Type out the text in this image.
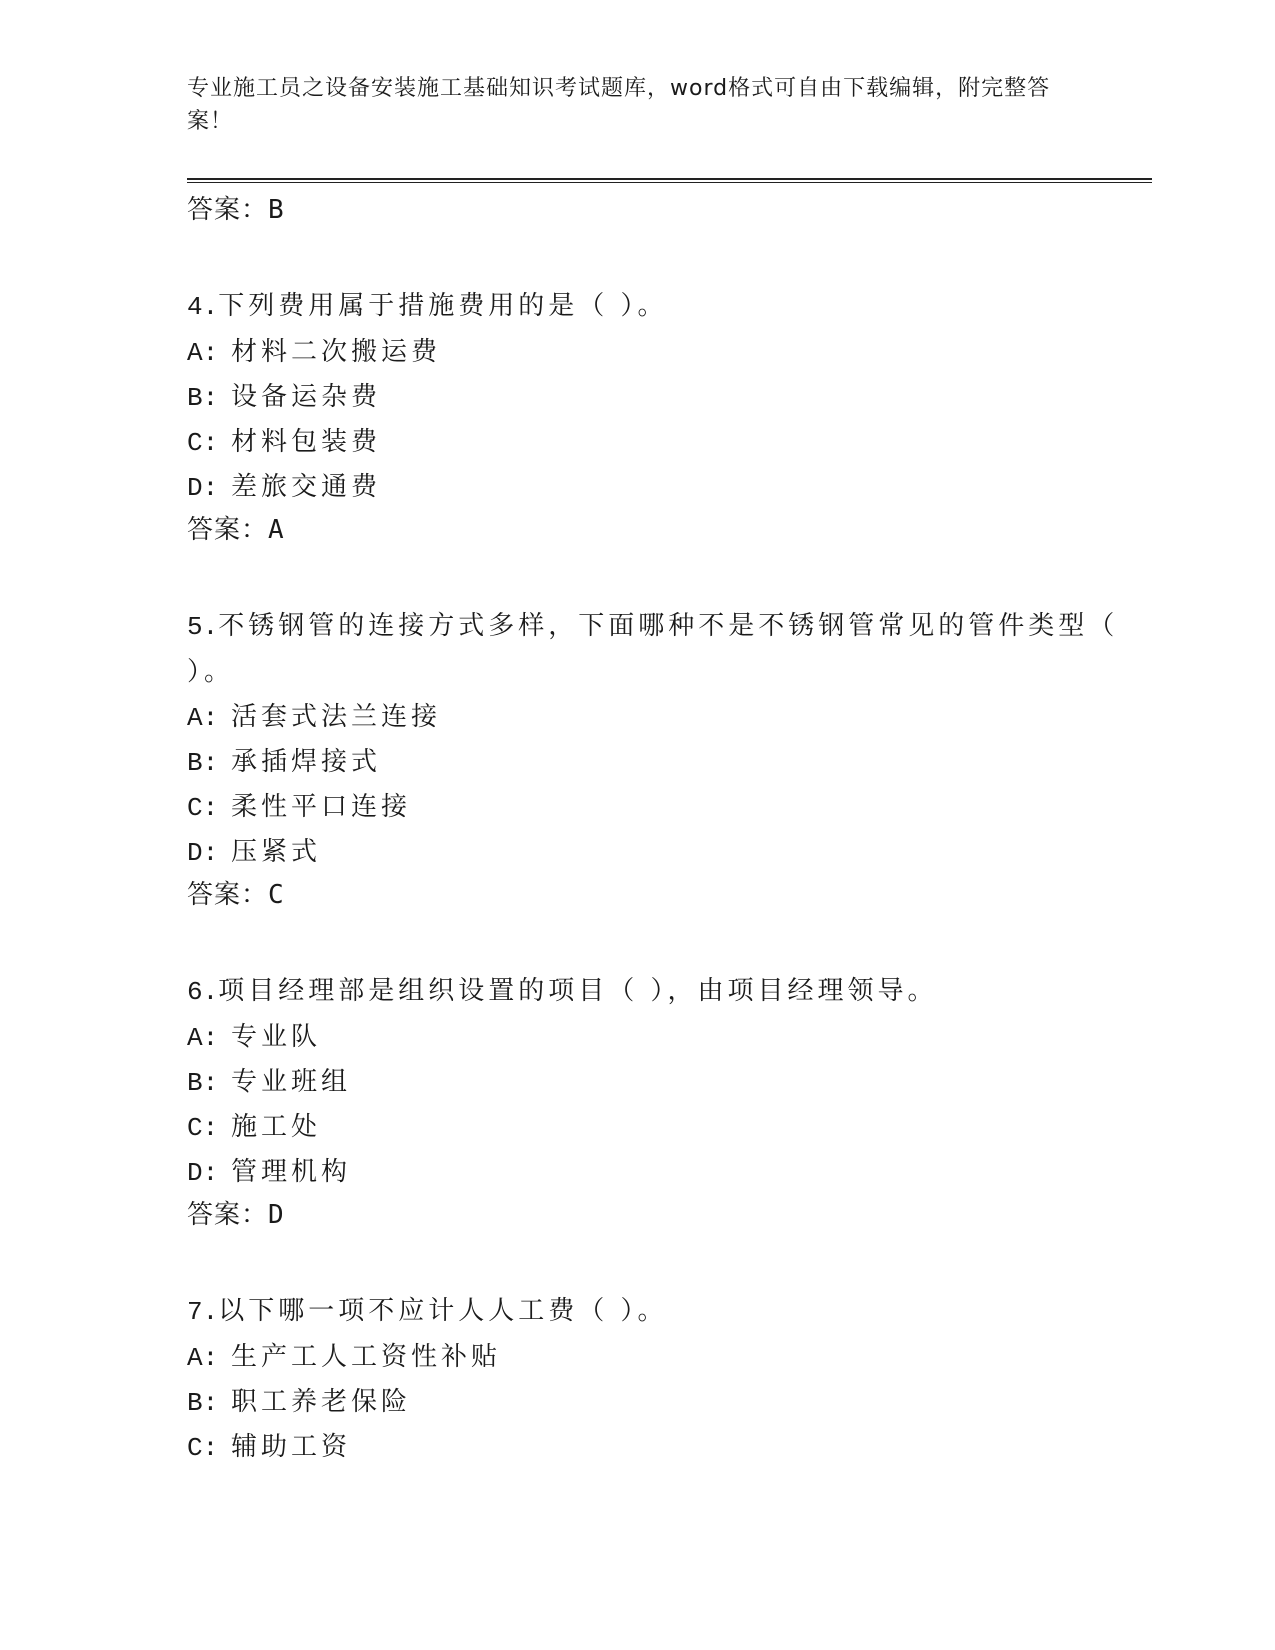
专业施工员之设备安装施工基础知识考试题库，word格式可自由下载编辑，附完整答案！
答案：B
4.下列费用属于措施费用的是（ ）。
A: 材料二次搬运费
B: 设备运杂费
C: 材料包装费
D: 差旅交通费
答案：A
5.不锈钢管的连接方式多样，下面哪种不是不锈钢管常见的管件类型（ ）。
A: 活套式法兰连接
B: 承插焊接式
C: 柔性平口连接
D: 压紧式
答案：C
6.项目经理部是组织设置的项目（ ），由项目经理领导。
A: 专业队
B: 专业班组
C: 施工处
D: 管理机构
答案：D
7.以下哪一项不应计人人工费（ ）。
A: 生产工人工资性补贴
B: 职工养老保险
C: 辅助工资
